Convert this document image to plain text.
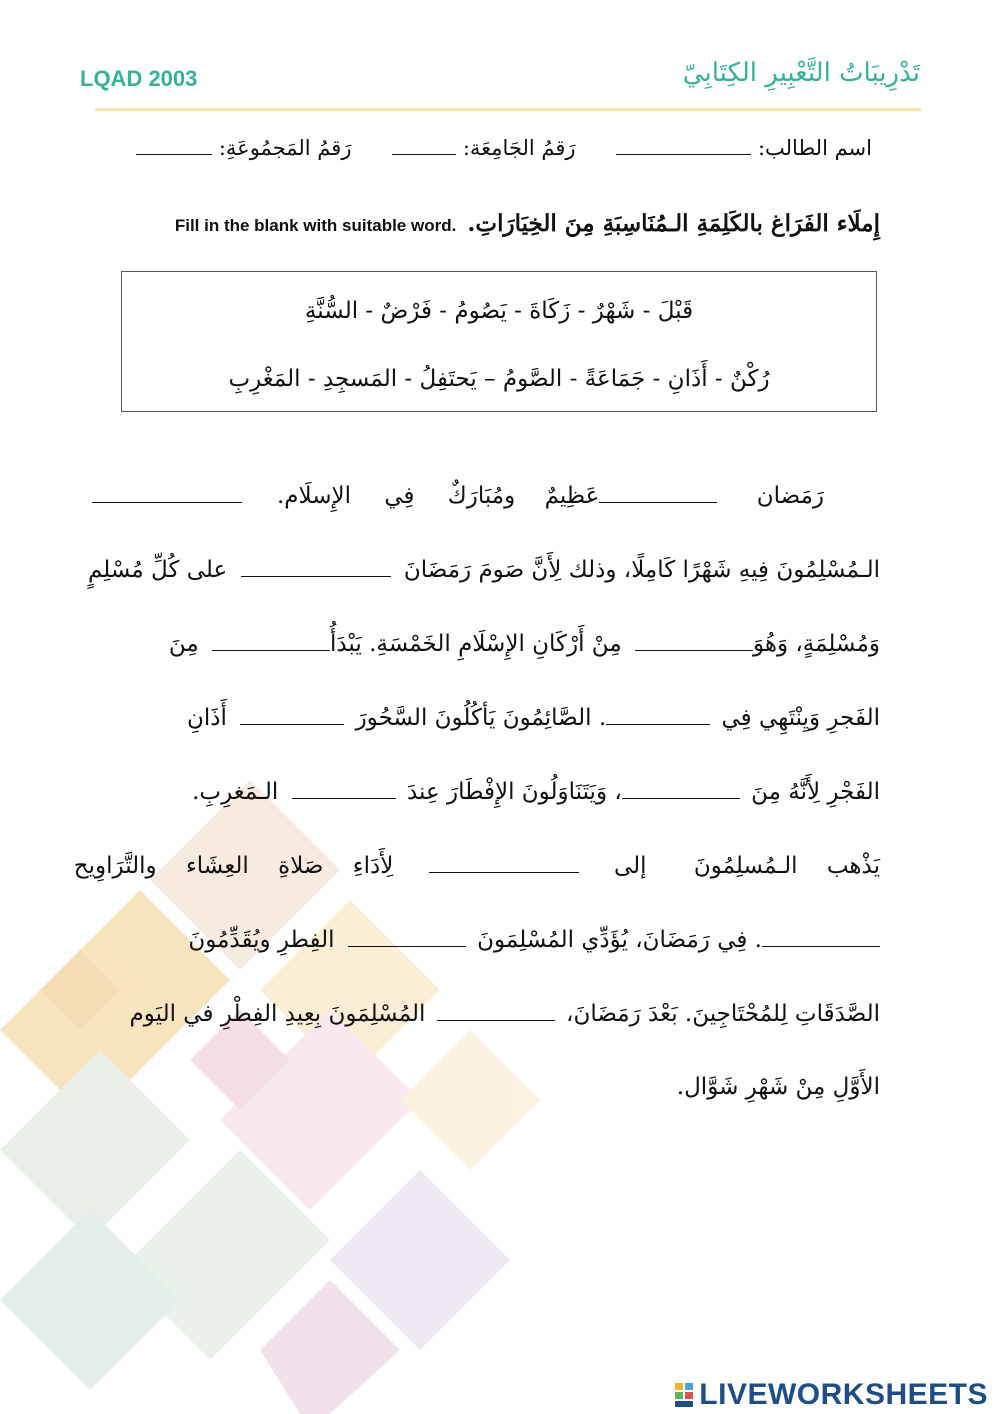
LQAD 2003	تَدْرِيبَاتُ التَّعْبِيرِ الكِتَابِيّ
اسم الطالب:  رَقمُ الجَامِعَة:  رَقمُ المَجمُوعَةِ:
إِملَاء الفَرَاغ بالكَلِمَةِ الـمُنَاسِبَةِ مِنَ الخِيَارَاتِ. Fill in the blank with suitable word.
قَبْلَ - شَهْرٌ - زَكَاةَ - يَصُومُ - فَرْضٌ - السُّنَّةِ
رُكْنٌ - أَذَانِ - جَمَاعَةً - الصَّومُ – يَحتَفِلُ - المَسجِدِ - المَغْرِبِ
رَمَضان عَظِيمٌ ومُبَارَكٌ فِي الإِسلَام.
الـمُسْلِمُونَ فِيهِ شَهْرًا كَامِلًا، وذلك لِأَنَّ صَومَ رَمَضَانَ  على كُلِّ مُسْلِمٍ
وَمُسْلِمَةٍ، وَهُوَ مِنْ أَرْكَانِ الإِسْلَامِ الخَمْسَةِ. يَبْدَأُ مِنَ
الفَجرِ وَيِنْتَهِي فِي . الصَّائِمُونَ يَأكُلُونَ السَّحُورَ  أَذَانِ
الفَجْرِ لِأَنَّهُ مِنَ ، وَيَتَنَاوَلُونَ الإِفْطَارَ عِندَ  الـمَغرِبِ.
يَذْهب الـمُسلِمُونَ إلى  لِأَدَاءِ صَلاةِ العِشَاء والتَّرَاوِيح
. فِي رَمَضَانَ، يُؤَدِّي المُسْلِمَونَ  الفِطرِ ويُقَدِّمُونَ
الصَّدَقَاتِ لِلمُحْتَاجِينَ. بَعْدَ رَمَضَانَ،  المُسْلِمَونَ بِعِيدِ الفِطْرِ في اليَوم
الأَوَّلِ مِنْ شَهْرِ شَوَّال.
LIVEWORKSHEETS
